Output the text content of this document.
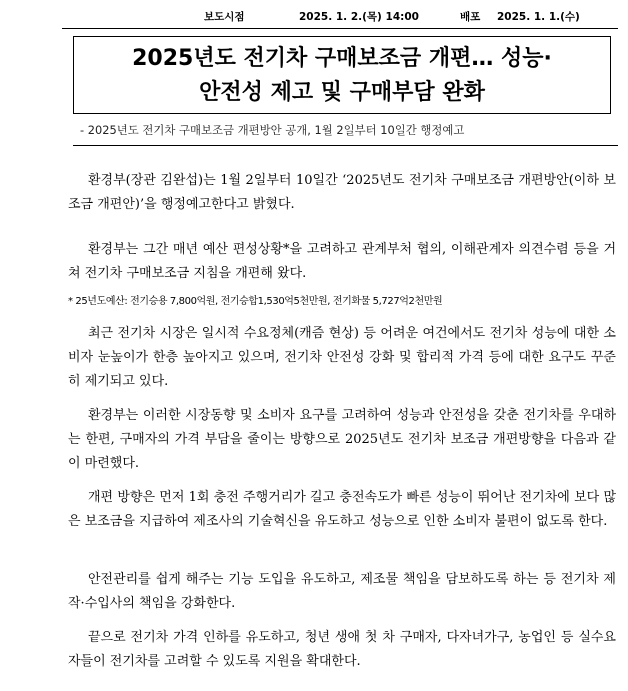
보도시점	2025. 1. 2.(목) 14:00	배포 2025. 1. 1.(수)
2025년도 전기차 구매보조금 개편… 성능·
안전성 제고 및 구매부담 완화
- 2025년도 전기차 구매보조금 개편방안 공개, 1월 2일부터 10일간 행정예고

환경부(장관 김완섭)는 1월 2일부터 10일간 ‘2025년도 전기차 구매보조금 개편방안(이하 보조금 개편안)’을 행정예고한다고 밝혔다.

환경부는 그간 매년 예산 편성상황*을 고려하고 관계부처 협의, 이해관계자 의견수렴 등을 거쳐 전기차 구매보조금 지침을 개편해 왔다.

* 25년도예산: 전기승용 7,800억원, 전기승합1,530억5천만원, 전기화물 5,727억2천만원

최근 전기차 시장은 일시적 수요정체(캐즘 현상) 등 어려운 여건에서도 전기차 성능에 대한 소비자 눈높이가 한층 높아지고 있으며, 전기차 안전성 강화 및 합리적 가격 등에 대한 요구도 꾸준히 제기되고 있다.

환경부는 이러한 시장동향 및 소비자 요구를 고려하여 성능과 안전성을 갖춘 전기차를 우대하는 한편, 구매자의 가격 부담을 줄이는 방향으로 2025년도 전기차 보조금 개편방향을 다음과 같이 마련했다.

개편 방향은 먼저 1회 충전 주행거리가 길고 충전속도가 빠른 성능이 뛰어난 전기차에 보다 많은 보조금을 지급하여 제조사의 기술혁신을 유도하고 성능으로 인한 소비자 불편이 없도록 한다.

안전관리를 쉽게 해주는 기능 도입을 유도하고, 제조물 책임을 담보하도록 하는 등 전기차 제작·수입사의 책임을 강화한다.

끝으로 전기차 가격 인하를 유도하고, 청년 생애 첫 차 구매자, 다자녀가구, 농업인 등 실수요자들이 전기차를 고려할 수 있도록 지원을 확대한다.
